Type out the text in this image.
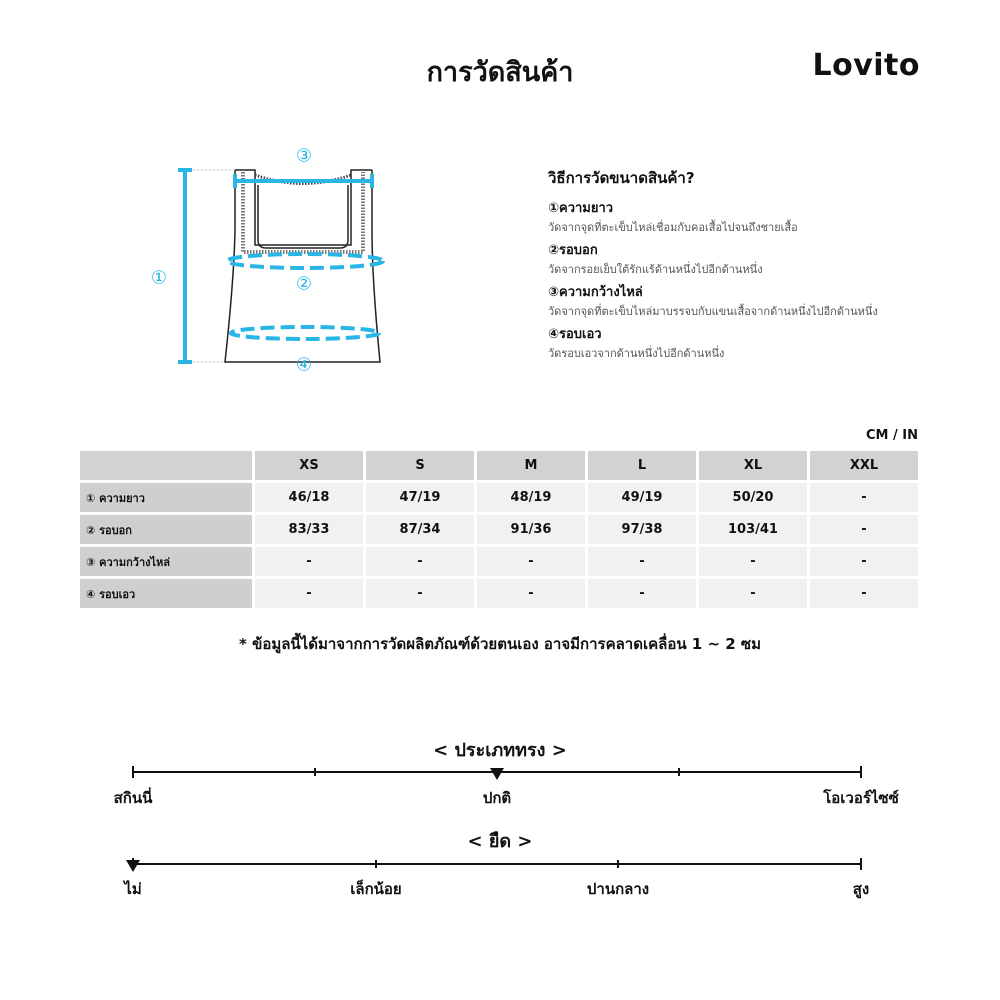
การวัดสินค้า	Lovito
①	②
③
④
วิธีการวัดขนาดสินค้า?
①ความยาว
วัดจากจุดที่ตะเข็บไหล่เชื่อมกับคอเสื้อไปจนถึงชายเสื้อ
②รอบอก
วัดจากรอยเย็บใต้รักแร้ด้านหนึ่งไปอีกด้านหนึ่ง
③ความกว้างไหล่
วัดจากจุดที่ตะเข็บไหล่มาบรรจบกับแขนเสื้อจากด้านหนึ่งไปอีกด้านหนึ่ง
④รอบเอว
วัดรอบเอวจากด้านหนึ่งไปอีกด้านหนึ่ง
CM / IN
	XS	S	M	L	XL	XXL
① ความยาว	46/18	47/19	48/19	49/19	50/20	-
② รอบอก	83/33	87/34	91/36	97/38	103/41	-
③ ความกว้างไหล่	-	-	-	-	-	-
④ รอบเอว	-	-	-	-	-	-
* ข้อมูลนี้ได้มาจากการวัดผลิตภัณฑ์ด้วยตนเอง อาจมีการคลาดเคลื่อน 1 ~ 2 ซม
< ประเภททรง >
สกินนี่	ปกติ	โอเวอร์ไซซ์
< ยืด >
ไม่	เล็กน้อย	ปานกลาง	สูง
